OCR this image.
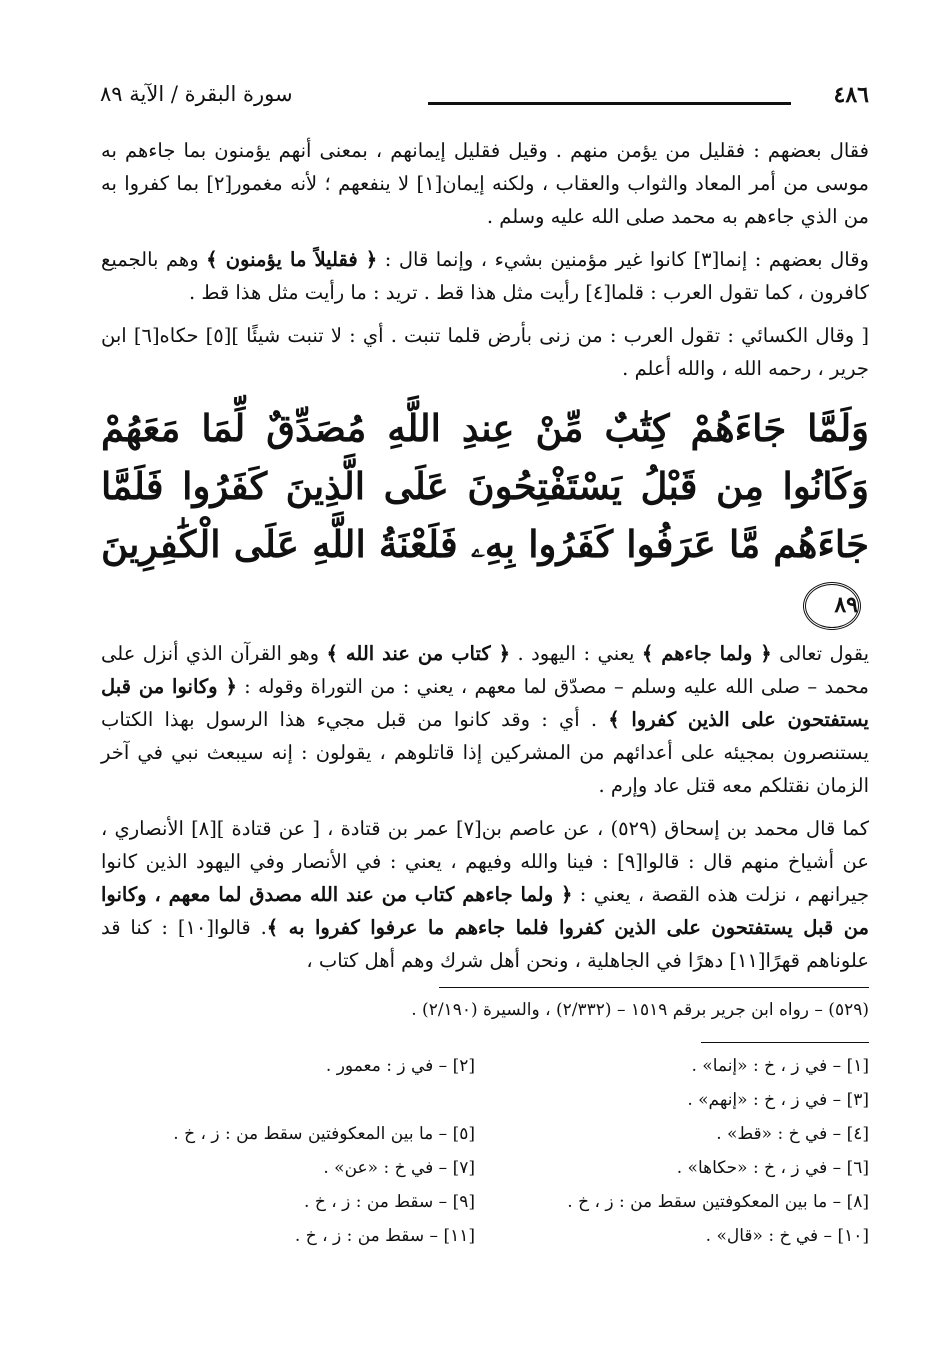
٤٨٦
سورة البقرة / الآية ٨٩

فقال بعضهم : فقليل من يؤمن منهم . وقيل فقليل إيمانهم ، بمعنى أنهم يؤمنون بما جاءهم به موسى من أمر المعاد والثواب والعقاب ، ولكنه إيمان[١] لا ينفعهم ؛ لأنه مغمور[٢] بما كفروا به من الذي جاءهم به محمد صلى الله عليه وسلم .

وقال بعضهم : إنما[٣] كانوا غير مؤمنين بشيء ، وإنما قال : ﴿ فقليلاً ما يؤمنون ﴾ وهم بالجميع كافرون ، كما تقول العرب : قلما[٤] رأيت مثل هذا قط . تريد : ما رأيت مثل هذا قط .

[ وقال الكسائي : تقول العرب : من زنى بأرض قلما تنبت . أي : لا تنبت شيئًا ][٥] حكاه[٦] ابن جرير ، رحمه الله ، والله أعلم .

وَلَمَّا جَاءَهُمْ كِتَٰبٌ مِّنْ عِندِ اللَّهِ مُصَدِّقٌ لِّمَا مَعَهُمْ وَكَانُوا مِن قَبْلُ يَسْتَفْتِحُونَ عَلَى الَّذِينَ كَفَرُوا فَلَمَّا جَاءَهُم مَّا عَرَفُوا كَفَرُوا بِهِۦ فَلَعْنَةُ اللَّهِ عَلَى الْكَٰفِرِينَ٨٩

يقول تعالى ﴿ ولما جاءهم ﴾ يعني : اليهود . ﴿ كتاب من عند الله ﴾ وهو القرآن الذي أنزل على محمد – صلى الله عليه وسلم – مصدّق لما معهم ، يعني : من التوراة وقوله : ﴿ وكانوا من قبل يستفتحون على الذين كفروا ﴾ . أي : وقد كانوا من قبل مجيء هذا الرسول بهذا الكتاب يستنصرون بمجيئه على أعدائهم من المشركين إذا قاتلوهم ، يقولون : إنه سيبعث نبي في آخر الزمان نقتلكم معه قتل عاد وإرم .

كما قال محمد بن إسحاق (٥٢٩) ، عن عاصم بن[٧] عمر بن قتادة ، [ عن قتادة ][٨] الأنصاري ، عن أشياخ منهم قال : قالوا[٩] : فينا والله وفيهم ، يعني : في الأنصار وفي اليهود الذين كانوا جيرانهم ، نزلت هذه القصة ، يعني : ﴿ ولما جاءهم كتاب من عند الله مصدق لما معهم ، وكانوا من قبل يستفتحون على الذين كفروا فلما جاءهم ما عرفوا كفروا به ﴾. قالوا[١٠] : كنا قد علوناهم قهرًا[١١] دهرًا في الجاهلية ، ونحن أهل شرك وهم أهل كتاب ،

(٥٢٩) – رواه ابن جرير برقم ١٥١٩ – (٢/٣٣٢) ، والسيرة (٢/١٩٠) .

[١] – في ز ، خ : «إنما» .
[٢] – في ز : معمور .
[٣] – في ز ، خ : «إنهم» .
[٤] – في خ : «قط» .
[٥] – ما بين المعكوفتين سقط من : ز ، خ .
[٦] – في ز ، خ : «حكاها» .
[٧] – في خ : «عن» .
[٨] – ما بين المعكوفتين سقط من : ز ، خ .
[٩] – سقط من : ز ، خ .
[١٠] – في خ : «قال» .
[١١] – سقط من : ز ، خ .
